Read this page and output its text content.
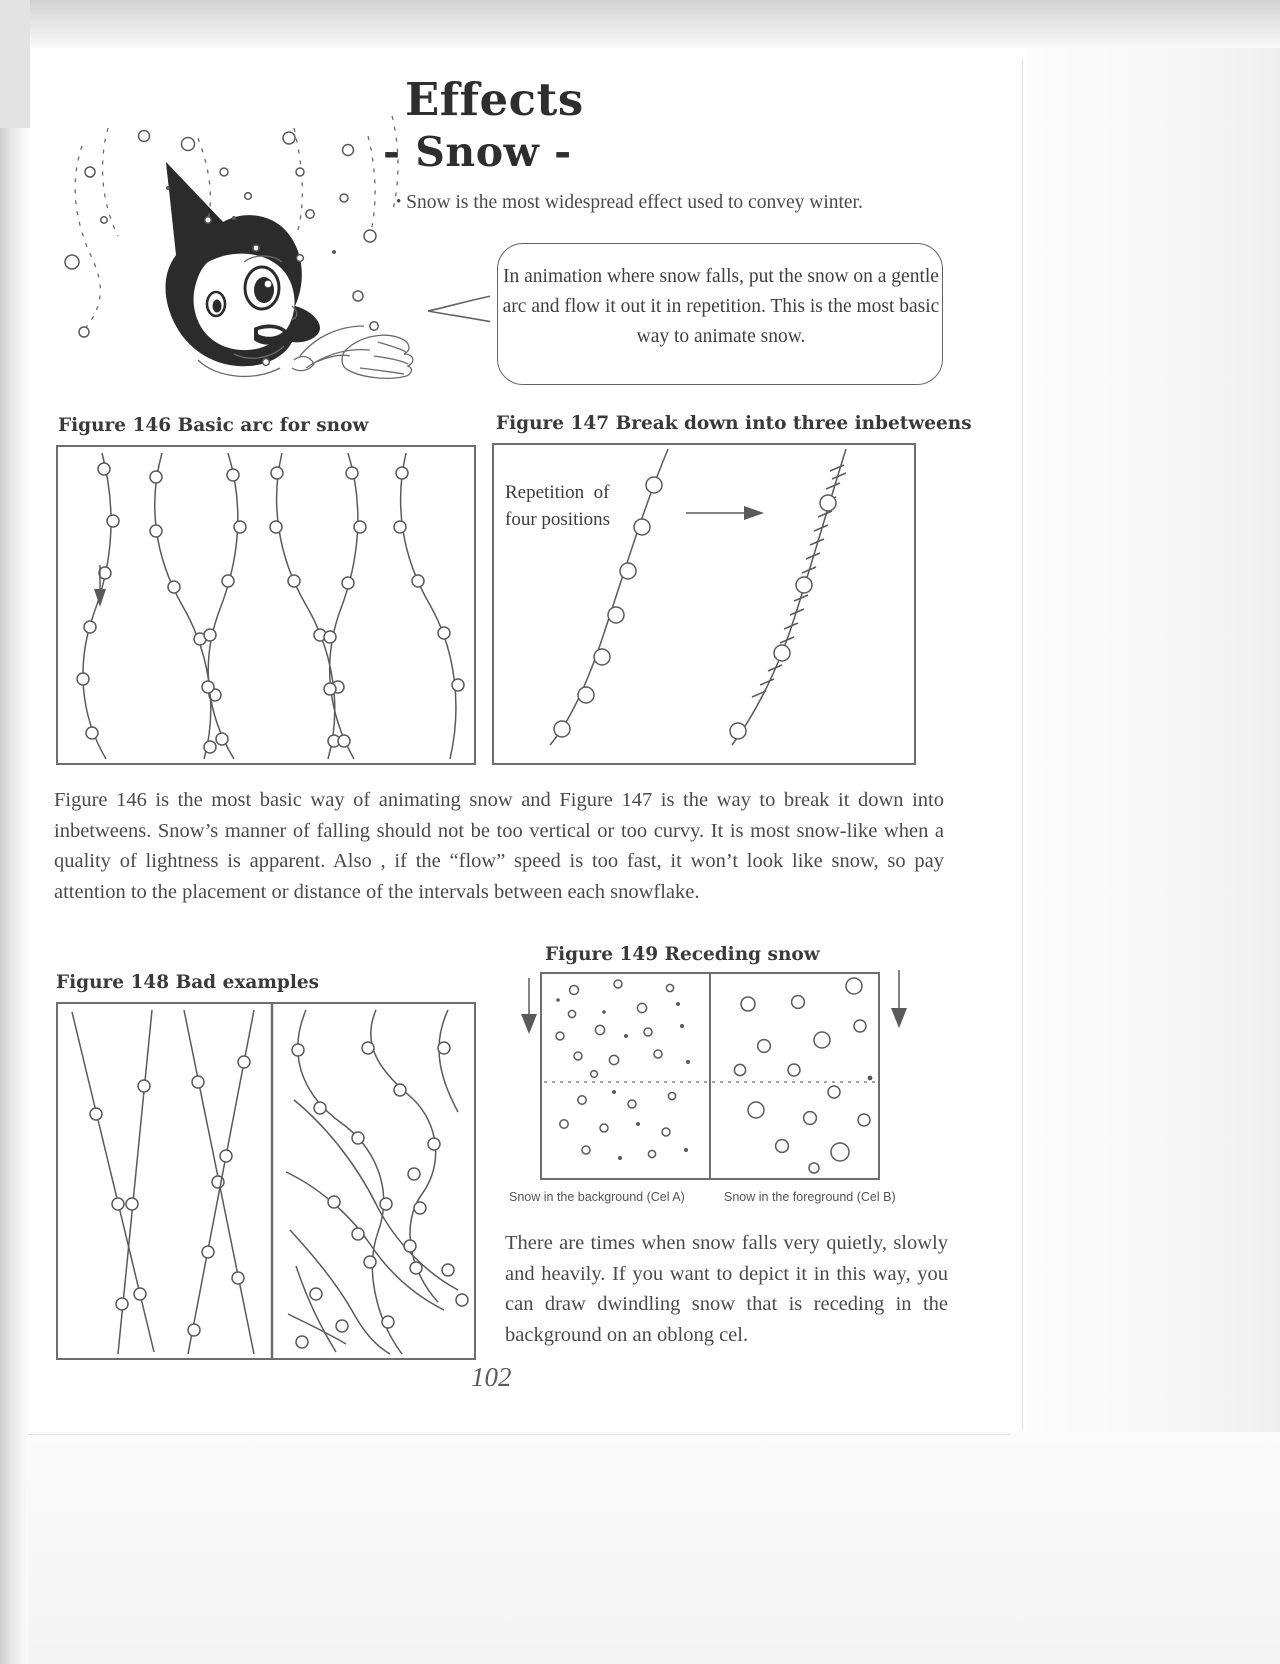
Effects
- Snow -
• Snow is the most widespread effect used to convey winter.
In animation where snow falls, put the snow on a gentle arc and flow it out it in repetition. This is the most basic way to animate snow.
Figure 146 Basic arc for snow	Figure 147 Break down into three inbetweens
Repetition  of
four positions
Figure 146 is the most basic way of animating snow and Figure 147 is the way to break it down into inbetweens. Snow’s manner of falling should not be too vertical or too curvy. It is most snow-like when a quality of lightness is apparent. Also , if the “flow” speed is too fast, it won’t look like snow, so pay attention to the placement or distance of the intervals between each snowflake.
Figure 148 Bad examples
Figure 149 Receding snow
Snow in the background (Cel A)	Snow in the foreground (Cel B)
There are times when snow falls very quietly, slowly and heavily. If you want to depict it in this way, you can draw dwindling snow that is receding in the background on an oblong cel.
102
